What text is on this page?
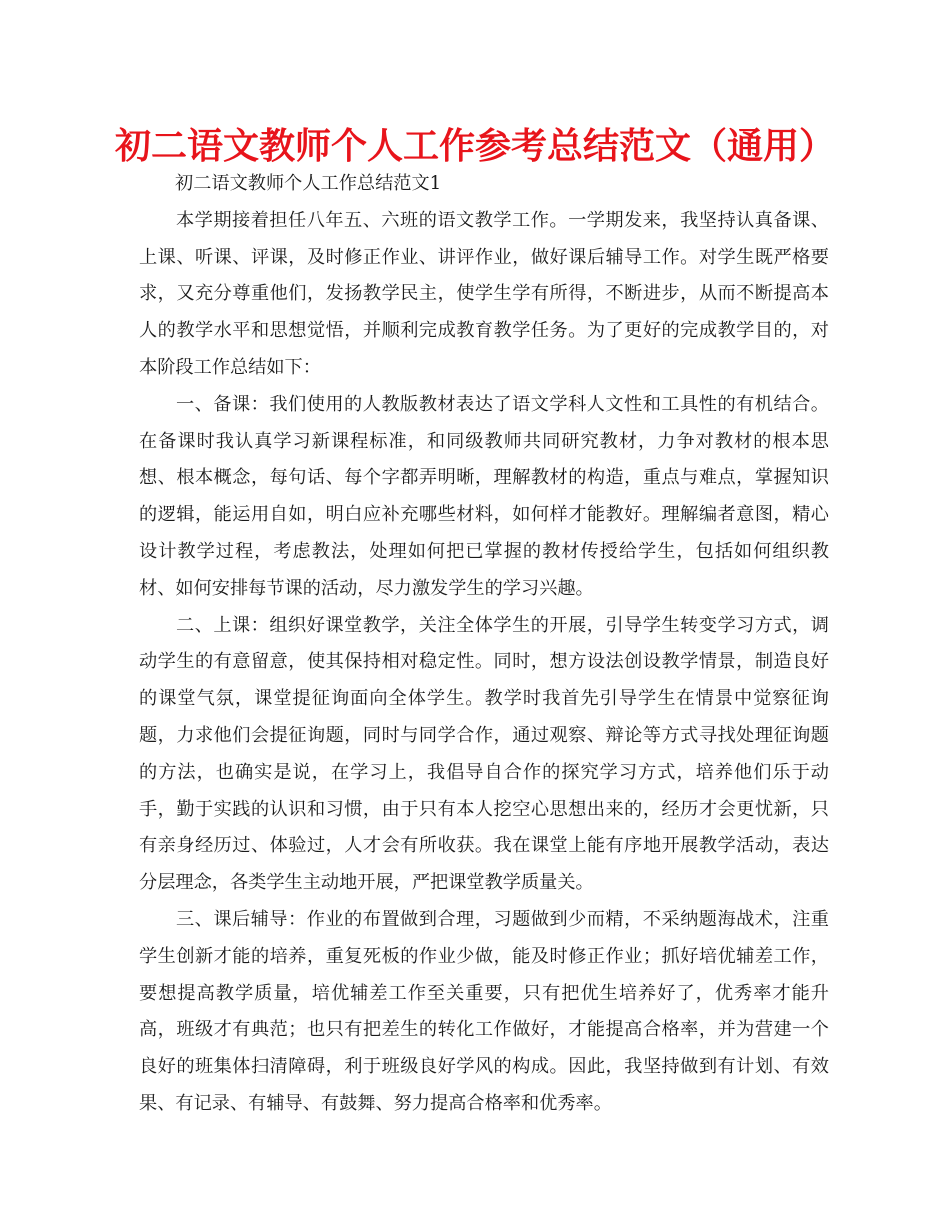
初二语文教师个人工作参考总结范文（通用）

初二语文教师个人工作总结范文1

本学期接着担任八年五、六班的语文教学工作。一学期发来，我坚持认真备课、上课、听课、评课，及时修正作业、讲评作业，做好课后辅导工作。对学生既严格要求，又充分尊重他们，发扬教学民主，使学生学有所得，不断进步，从而不断提高本人的教学水平和思想觉悟，并顺利完成教育教学任务。为了更好的完成教学目的，对本阶段工作总结如下：

一、备课：我们使用的人教版教材表达了语文学科人文性和工具性的有机结合。在备课时我认真学习新课程标准，和同级教师共同研究教材，力争对教材的根本思想、根本概念，每句话、每个字都弄明晰，理解教材的构造，重点与难点，掌握知识的逻辑，能运用自如，明白应补充哪些材料，如何样才能教好。理解编者意图，精心设计教学过程，考虑教法，处理如何把已掌握的教材传授给学生，包括如何组织教材、如何安排每节课的活动，尽力激发学生的学习兴趣。

二、上课：组织好课堂教学，关注全体学生的开展，引导学生转变学习方式，调动学生的有意留意，使其保持相对稳定性。同时，想方设法创设教学情景，制造良好的课堂气氛，课堂提征询面向全体学生。教学时我首先引导学生在情景中觉察征询题，力求他们会提征询题，同时与同学合作，通过观察、辩论等方式寻找处理征询题的方法，也确实是说，在学习上，我倡导自合作的探究学习方式，培养他们乐于动手，勤于实践的认识和习惯，由于只有本人挖空心思想出来的，经历才会更忧新，只有亲身经历过、体验过，人才会有所收获。我在课堂上能有序地开展教学活动，表达分层理念，各类学生主动地开展，严把课堂教学质量关。

三、课后辅导：作业的布置做到合理，习题做到少而精，不采纳题海战术，注重学生创新才能的培养，重复死板的作业少做，能及时修正作业；抓好培优辅差工作，要想提高教学质量，培优辅差工作至关重要，只有把优生培养好了，优秀率才能升高，班级才有典范；也只有把差生的转化工作做好，才能提高合格率，并为营建一个良好的班集体扫清障碍，利于班级良好学风的构成。因此，我坚持做到有计划、有效果、有记录、有辅导、有鼓舞、努力提高合格率和优秀率。
